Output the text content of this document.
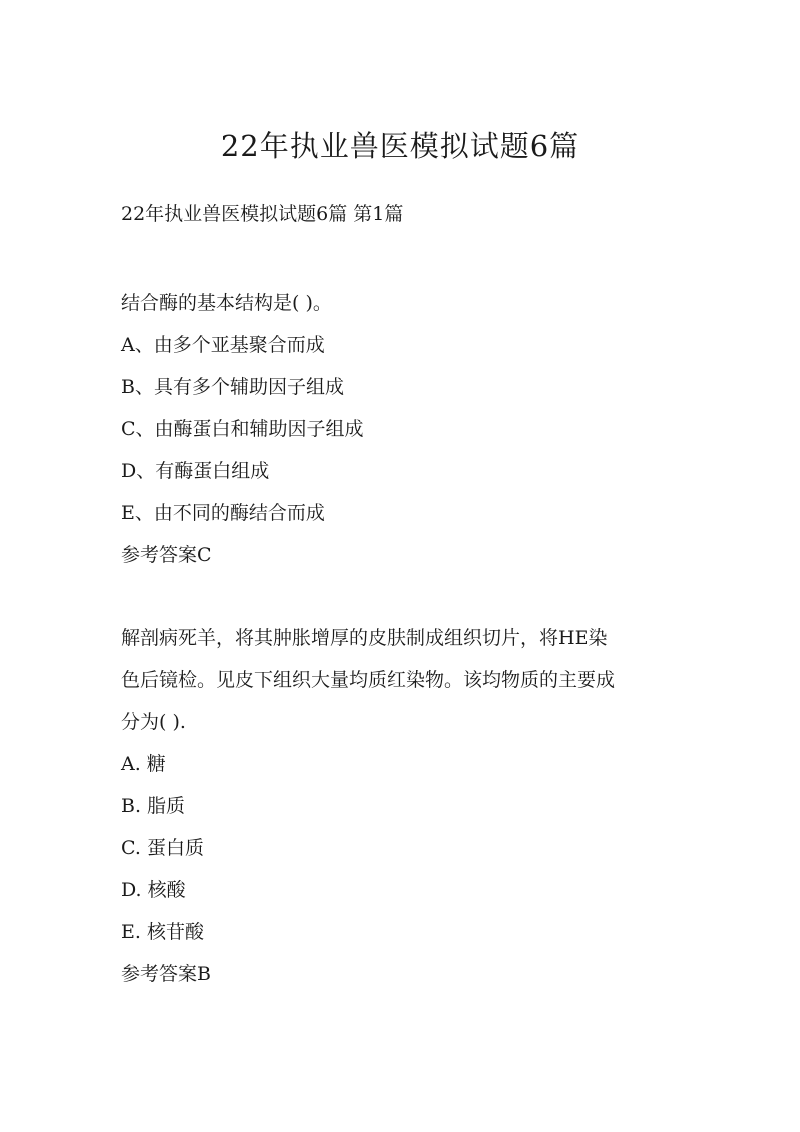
22年执业兽医模拟试题6篇

22年执业兽医模拟试题6篇 第1篇

结合酶的基本结构是( )。

A、由多个亚基聚合而成
B、具有多个辅助因子组成
C、由酶蛋白和辅助因子组成
D、有酶蛋白组成
E、由不同的酶结合而成

参考答案C

解剖病死羊，将其肿胀增厚的皮肤制成组织切片，将HE染

色后镜检。见皮下组织大量均质红染物。该均物质的主要成

分为( ).

A. 糖
B. 脂质
C. 蛋白质
D. 核酸
E. 核苷酸

参考答案B
